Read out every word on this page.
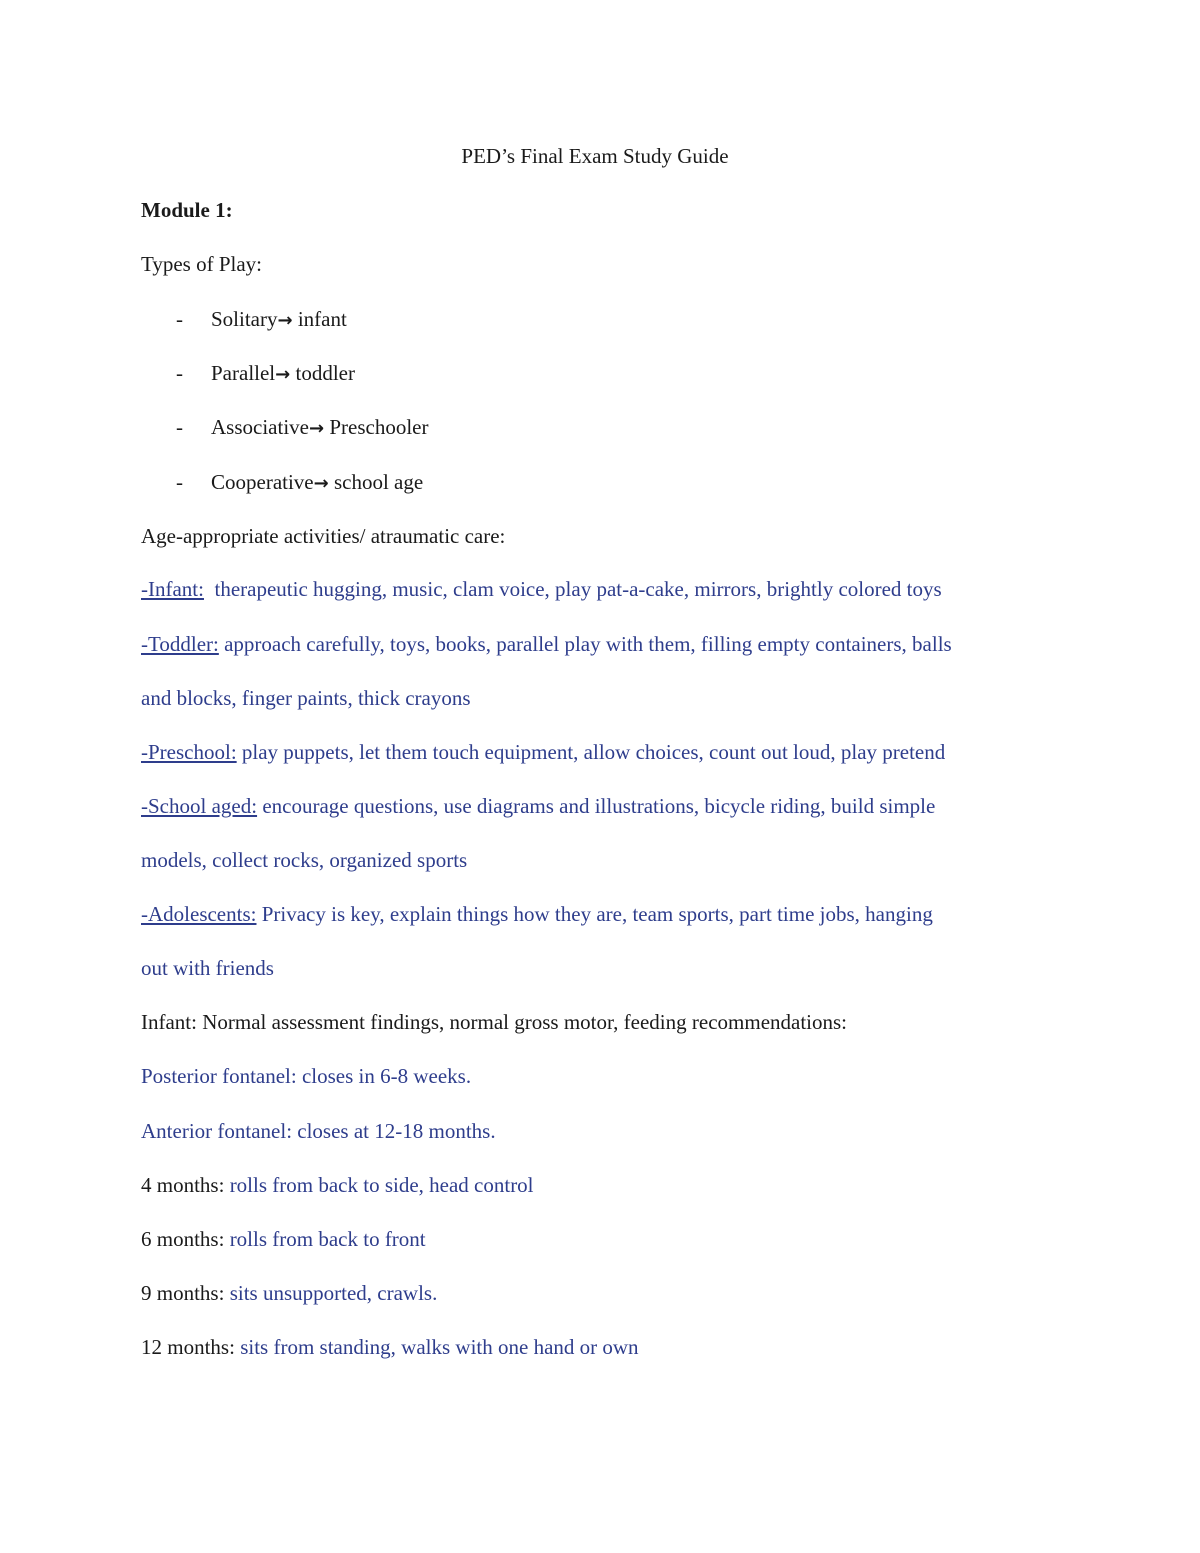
PED’s Final Exam Study Guide
Module 1:
Types of Play:
- Solitary→ infant
- Parallel→ toddler
- Associative→ Preschooler
- Cooperative→ school age
Age-appropriate activities/ atraumatic care:
-Infant:  therapeutic hugging, music, clam voice, play pat-a-cake, mirrors, brightly colored toys
-Toddler: approach carefully, toys, books, parallel play with them, filling empty containers, balls
and blocks, finger paints, thick crayons
-Preschool: play puppets, let them touch equipment, allow choices, count out loud, play pretend
-School aged: encourage questions, use diagrams and illustrations, bicycle riding, build simple
models, collect rocks, organized sports
-Adolescents: Privacy is key, explain things how they are, team sports, part time jobs, hanging
out with friends
Infant: Normal assessment findings, normal gross motor, feeding recommendations:
Posterior fontanel: closes in 6-8 weeks.
Anterior fontanel: closes at 12-18 months.
4 months: rolls from back to side, head control
6 months: rolls from back to front
9 months: sits unsupported, crawls.
12 months: sits from standing, walks with one hand or own
